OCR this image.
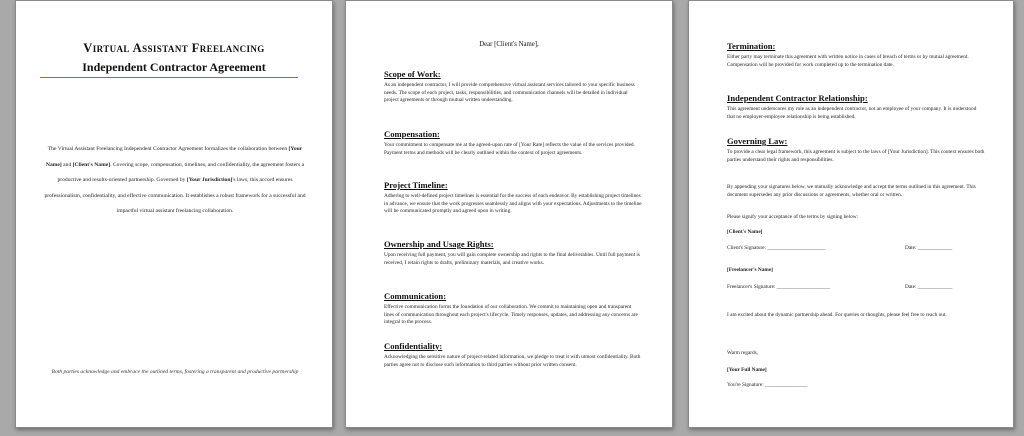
Virtual Assistant Freelancing
Independent Contractor Agreement
The Virtual Assistant Freelancing Independent Contractor Agreement formalizes the collaboration between [Your Name] and [Client's Name]. Covering scope, compensation, timelines, and confidentiality, the agreement fosters a productive and results-oriented partnership. Governed by [Your Jurisdiction]'s laws, this accord ensures professionalism, confidentiality, and effective communication. It establishes a robust framework for a successful and impactful virtual assistant freelancing collaboration.
Both parties acknowledge and embrace the outlined terms, fostering a transparent and productive partnership
Dear [Client's Name],
Scope of Work:

As an independent contractor, I will provide comprehensive virtual assistant services tailored to your specific business needs. The scope of each project, tasks, responsibilities, and communication channels will be detailed in individual project agreements or through mutual written understanding.

Compensation:

Your commitment to compensate me at the agreed-upon rate of [Your Rate] reflects the value of the services provided. Payment terms and methods will be clearly outlined within the context of project agreements.

Project Timeline:

Adhering to well-defined project timelines is essential for the success of each endeavor. By establishing project timelines in advance, we ensure that the work progresses seamlessly and aligns with your expectations. Adjustments to the timeline will be communicated promptly and agreed upon in writing.

Ownership and Usage Rights:

Upon receiving full payment, you will gain complete ownership and rights to the final deliverables. Until full payment is received, I retain rights to drafts, preliminary materials, and creative works.

Communication:

Effective communication forms the foundation of our collaboration. We commit to maintaining open and transparent lines of communication throughout each project's lifecycle. Timely responses, updates, and addressing any concerns are integral to the process.

Confidentiality:

Acknowledging the sensitive nature of project-related information, we pledge to treat it with utmost confidentiality. Both parties agree not to disclose such information to third parties without prior written consent.

Termination:

Either party may terminate this agreement with written notice in cases of breach of terms or by mutual agreement. Compensation will be provided for work completed up to the termination date.

Independent Contractor Relationship:

This agreement underscores my role as an independent contractor, not an employee of your company. It is understood that no employer-employee relationship is being established.

Governing Law:

To provide a clear legal framework, this agreement is subject to the laws of [Your Jurisdiction]. This context ensures both parties understand their rights and responsibilities.

By appending your signatures below, we mutually acknowledge and accept the terms outlined in this agreement. This document supersedes any prior discussions or agreements, whether oral or written.

Please signify your acceptance of the terms by signing below:

[Client's Name]
Client's Signature: ______________________	Date: _____________
[Freelancer's Name]
Freelancer's Signature: ____________________	Date: _____________

I am excited about the dynamic partnership ahead. For queries or thoughts, please feel free to reach out.

Warm regards,
[Your Full Name]
You're Signature: ________________
